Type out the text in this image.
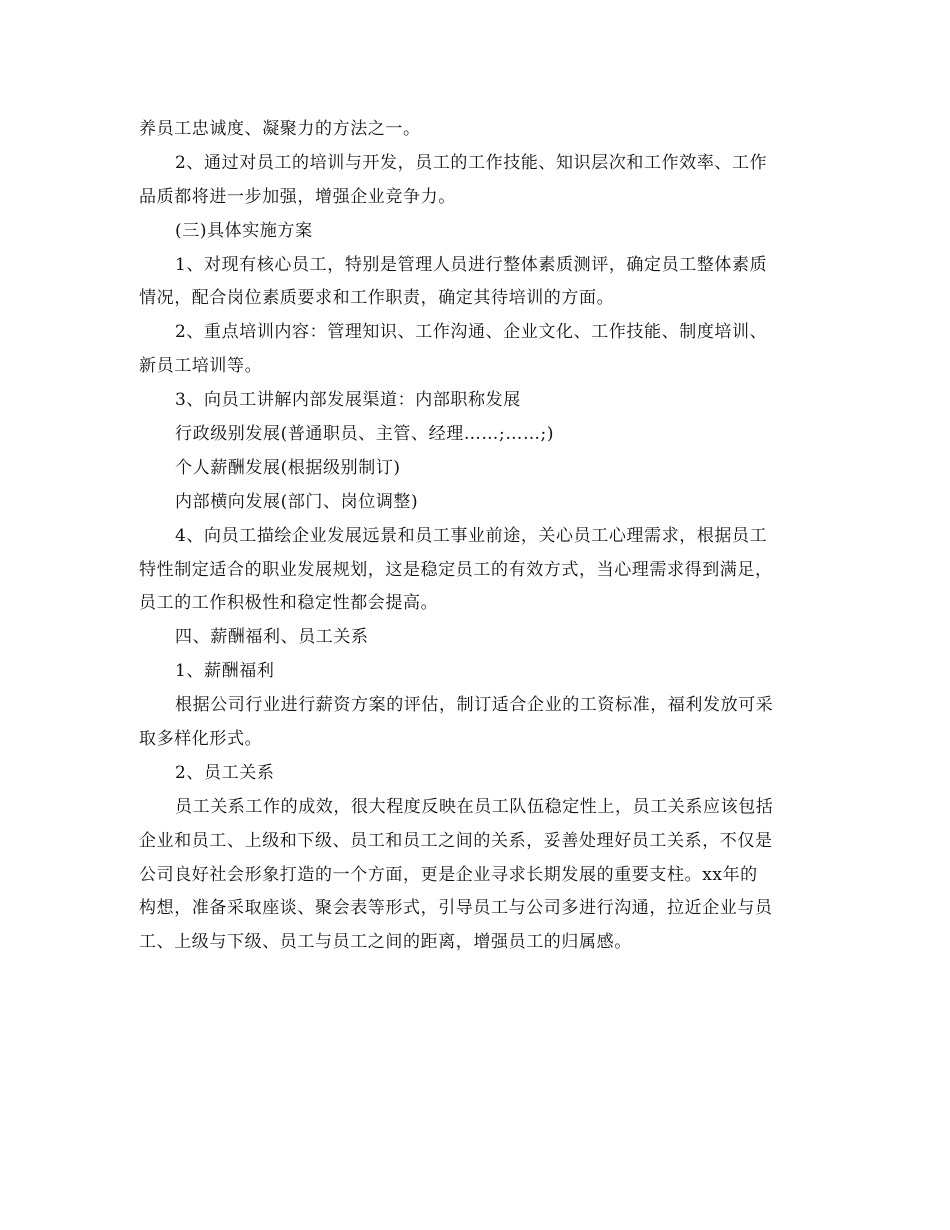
养员工忠诚度、凝聚力的方法之一。
2、通过对员工的培训与开发，员工的工作技能、知识层次和工作效率、工作
品质都将进一步加强，增强企业竞争力。
(三)具体实施方案
1、对现有核心员工，特别是管理人员进行整体素质测评，确定员工整体素质
情况，配合岗位素质要求和工作职责，确定其待培训的方面。
2、重点培训内容：管理知识、工作沟通、企业文化、工作技能、制度培训、
新员工培训等。
3、向员工讲解内部发展渠道：内部职称发展
行政级别发展(普通职员、主管、经理……;……;)
个人薪酬发展(根据级别制订)
内部横向发展(部门、岗位调整)
4、向员工描绘企业发展远景和员工事业前途，关心员工心理需求，根据员工
特性制定适合的职业发展规划，这是稳定员工的有效方式，当心理需求得到满足，
员工的工作积极性和稳定性都会提高。
四、薪酬福利、员工关系
1、薪酬福利
根据公司行业进行薪资方案的评估，制订适合企业的工资标准，福利发放可采
取多样化形式。
2、员工关系
员工关系工作的成效，很大程度反映在员工队伍稳定性上，员工关系应该包括
企业和员工、上级和下级、员工和员工之间的关系，妥善处理好员工关系，不仅是
公司良好社会形象打造的一个方面，更是企业寻求长期发展的重要支柱。xx年的
构想，准备采取座谈、聚会表等形式，引导员工与公司多进行沟通，拉近企业与员
工、上级与下级、员工与员工之间的距离，增强员工的归属感。
